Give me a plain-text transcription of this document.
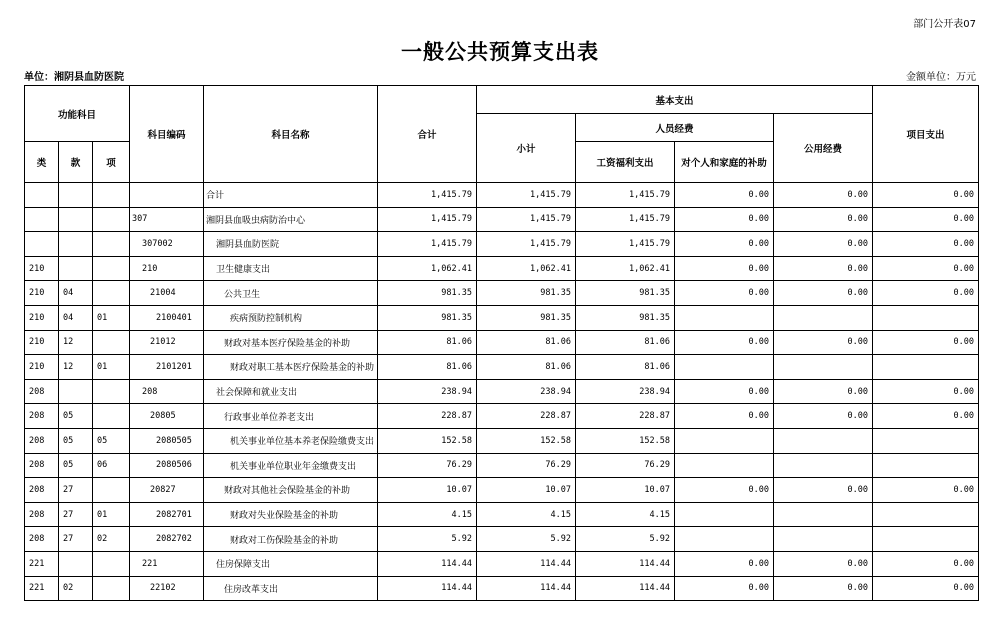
部门公开表07
一般公共预算支出表
单位：湘阴县血防医院	金额单位：万元
功能科目			科目编码	科目名称	合计	基本支出				项目支出
						小计	人员经费		公用经费	
类	款	项					工资福利支出	对个人和家庭的补助		
				合计	1,415.79	1,415.79	1,415.79	0.00	0.00	0.00
			307	湘阴县血吸虫病防治中心	1,415.79	1,415.79	1,415.79	0.00	0.00	0.00
			307002	湘阴县血防医院	1,415.79	1,415.79	1,415.79	0.00	0.00	0.00
210			210	卫生健康支出	1,062.41	1,062.41	1,062.41	0.00	0.00	0.00
210	04		21004	公共卫生	981.35	981.35	981.35	0.00	0.00	0.00
210	04	01	2100401	疾病预防控制机构	981.35	981.35	981.35			
210	12		21012	财政对基本医疗保险基金的补助	81.06	81.06	81.06	0.00	0.00	0.00
210	12	01	2101201	财政对职工基本医疗保险基金的补助	81.06	81.06	81.06			
208			208	社会保障和就业支出	238.94	238.94	238.94	0.00	0.00	0.00
208	05		20805	行政事业单位养老支出	228.87	228.87	228.87	0.00	0.00	0.00
208	05	05	2080505	机关事业单位基本养老保险缴费支出	152.58	152.58	152.58			
208	05	06	2080506	机关事业单位职业年金缴费支出	76.29	76.29	76.29			
208	27		20827	财政对其他社会保险基金的补助	10.07	10.07	10.07	0.00	0.00	0.00
208	27	01	2082701	财政对失业保险基金的补助	4.15	4.15	4.15			
208	27	02	2082702	财政对工伤保险基金的补助	5.92	5.92	5.92			
221			221	住房保障支出	114.44	114.44	114.44	0.00	0.00	0.00
221	02		22102	住房改革支出	114.44	114.44	114.44	0.00	0.00	0.00
